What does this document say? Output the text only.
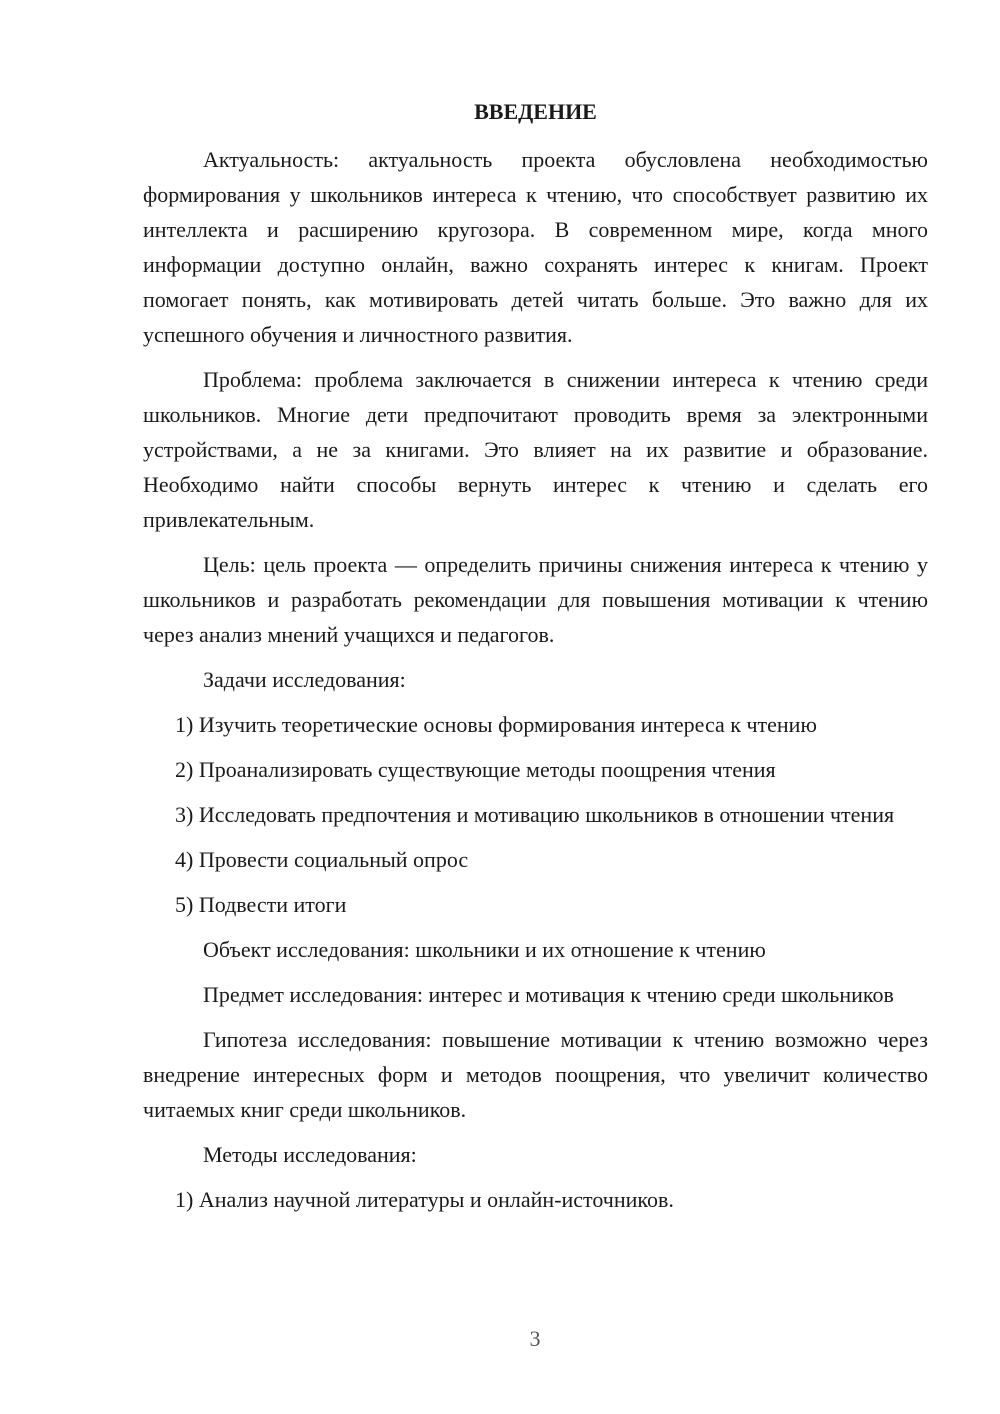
ВВЕДЕНИЕ

Актуальность: актуальность проекта обусловлена необходимостью формирования у школьников интереса к чтению, что способствует развитию их интеллекта и расширению кругозора. В современном мире, когда много информации доступно онлайн, важно сохранять интерес к книгам. Проект помогает понять, как мотивировать детей читать больше. Это важно для их успешного обучения и личностного развития.

Проблема: проблема заключается в снижении интереса к чтению среди школьников. Многие дети предпочитают проводить время за электронными устройствами, а не за книгами. Это влияет на их развитие и образование. Необходимо найти способы вернуть интерес к чтению и сделать его привлекательным.

Цель: цель проекта — определить причины снижения интереса к чтению у школьников и разработать рекомендации для повышения мотивации к чтению через анализ мнений учащихся и педагогов.

Задачи исследования:

1) Изучить теоретические основы формирования интереса к чтению

2) Проанализировать существующие методы поощрения чтения

3) Исследовать предпочтения и мотивацию школьников в отношении чтения

4) Провести социальный опрос

5) Подвести итоги

Объект исследования: школьники и их отношение к чтению

Предмет исследования: интерес и мотивация к чтению среди школьников

Гипотеза исследования: повышение мотивации к чтению возможно через внедрение интересных форм и методов поощрения, что увеличит количество читаемых книг среди школьников.

Методы исследования:

1) Анализ научной литературы и онлайн-источников.

3
